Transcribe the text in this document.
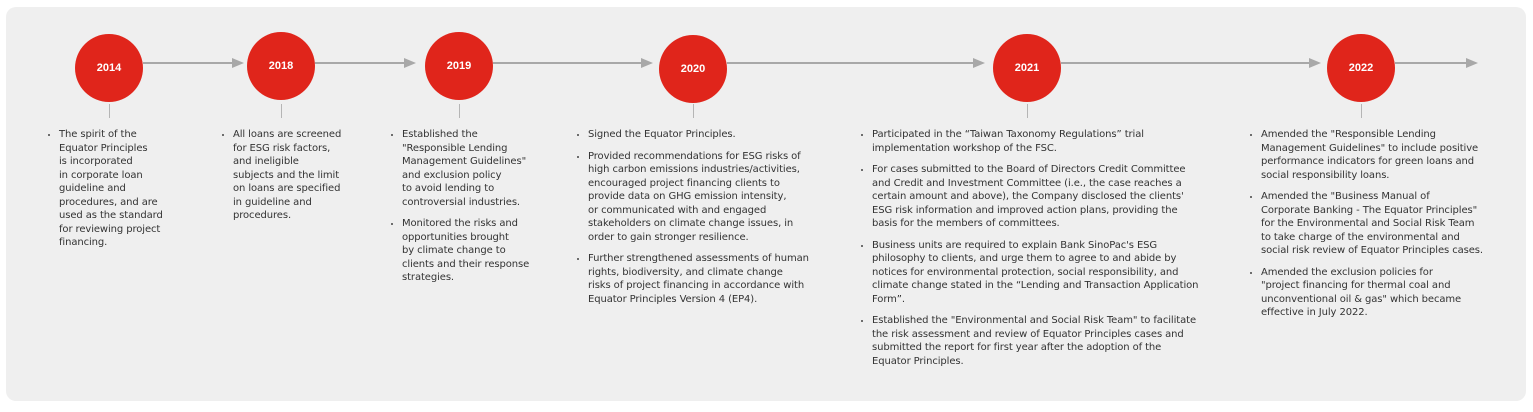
2014	2018	2019	2020	2021	2022
• The spirit of the
Equator Principles
is incorporated
in corporate loan
guideline and
procedures, and are
used as the standard
for reviewing project
financing.
• All loans are screened
for ESG risk factors,
and ineligible
subjects and the limit
on loans are specified
in guideline and
procedures.
• Established the
"Responsible Lending
Management Guidelines"
and exclusion policy
to avoid lending to
controversial industries.
• Monitored the risks and
opportunities brought
by climate change to
clients and their response
strategies.
• Signed the Equator Principles.
• Provided recommendations for ESG risks of
high carbon emissions industries/activities,
encouraged project financing clients to
provide data on GHG emission intensity,
or communicated with and engaged
stakeholders on climate change issues, in
order to gain stronger resilience.
• Further strengthened assessments of human
rights, biodiversity, and climate change
risks of project financing in accordance with
Equator Principles Version 4 (EP4).
• Participated in the “Taiwan Taxonomy Regulations” trial
implementation workshop of the FSC.
• For cases submitted to the Board of Directors Credit Committee
and Credit and Investment Committee (i.e., the case reaches a
certain amount and above), the Company disclosed the clients'
ESG risk information and improved action plans, providing the
basis for the members of committees.
• Business units are required to explain Bank SinoPac's ESG
philosophy to clients, and urge them to agree to and abide by
notices for environmental protection, social responsibility, and
climate change stated in the “Lending and Transaction Application
Form”.
• Established the "Environmental and Social Risk Team" to facilitate
the risk assessment and review of Equator Principles cases and
submitted the report for first year after the adoption of the
Equator Principles.
• Amended the "Responsible Lending
Management Guidelines" to include positive
performance indicators for green loans and
social responsibility loans.
• Amended the "Business Manual of
Corporate Banking - The Equator Principles"
for the Environmental and Social Risk Team
to take charge of the environmental and
social risk review of Equator Principles cases.
• Amended the exclusion policies for
"project financing for thermal coal and
unconventional oil & gas" which became
effective in July 2022.
